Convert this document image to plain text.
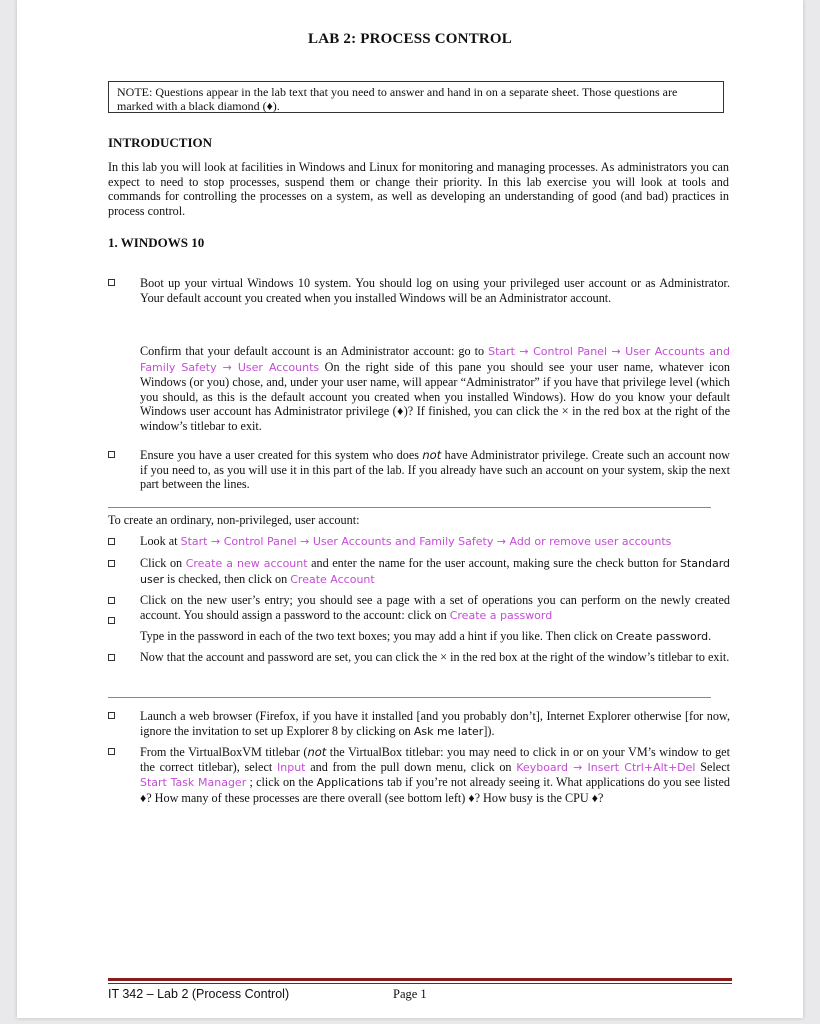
LAB 2: PROCESS CONTROL
NOTE: Questions appear in the lab text that you need to answer and hand in on a separate sheet. Those questions are marked with a black diamond (♦).
INTRODUCTION
In this lab you will look at facilities in Windows and Linux for monitoring and managing processes. As administrators you can expect to need to stop processes, suspend them or change their priority. In this lab exercise you will look at tools and commands for controlling the processes on a system, as well as developing an understanding of good (and bad) practices in process control.
1. WINDOWS 10
Boot up your virtual Windows 10 system. You should log on using your privileged user account or as Administrator. Your default account you created when you installed Windows will be an Administrator account.
Confirm that your default account is an Administrator account: go to Start → Control Panel → User Accounts and Family Safety → User Accounts On the right side of this pane you should see your user name, whatever icon Windows (or you) chose, and, under your user name, will appear “Administrator” if you have that privilege level (which you should, as this is the default account you created when you installed Windows). How do you know your default Windows user account has Administrator privilege (♦)? If finished, you can click the × in the red box at the right of the window’s titlebar to exit.
Ensure you have a user created for this system who does not have Administrator privilege. Create such an account now if you need to, as you will use it in this part of the lab. If you already have such an account on your system, skip the next part between the lines.
To create an ordinary, non-privileged, user account:
Look at Start → Control Panel → User Accounts and Family Safety → Add or remove user accounts
Click on Create a new account and enter the name for the user account, making sure the check button for Standard user is checked, then click on Create Account
Click on the new user’s entry; you should see a page with a set of operations you can perform on the newly created account. You should assign a password to the account: click on Create a password
Type in the password in each of the two text boxes; you may add a hint if you like. Then click on Create password.
Now that the account and password are set, you can click the × in the red box at the right of the window’s titlebar to exit.
Launch a web browser (Firefox, if you have it installed [and you probably don’t], Internet Explorer otherwise [for now, ignore the invitation to set up Explorer 8 by clicking on Ask me later]).
From the VirtualBoxVM titlebar (not the VirtualBox titlebar: you may need to click in or on your VM’s window to get the correct titlebar), select Input and from the pull down menu, click on Keyboard → Insert Ctrl+Alt+Del Select Start Task Manager ; click on the Applications tab if you’re not already seeing it. What applications do you see listed ♦? How many of these processes are there overall (see bottom left) ♦? How busy is the CPU ♦?
IT 342 – Lab 2 (Process Control)	Page 1
